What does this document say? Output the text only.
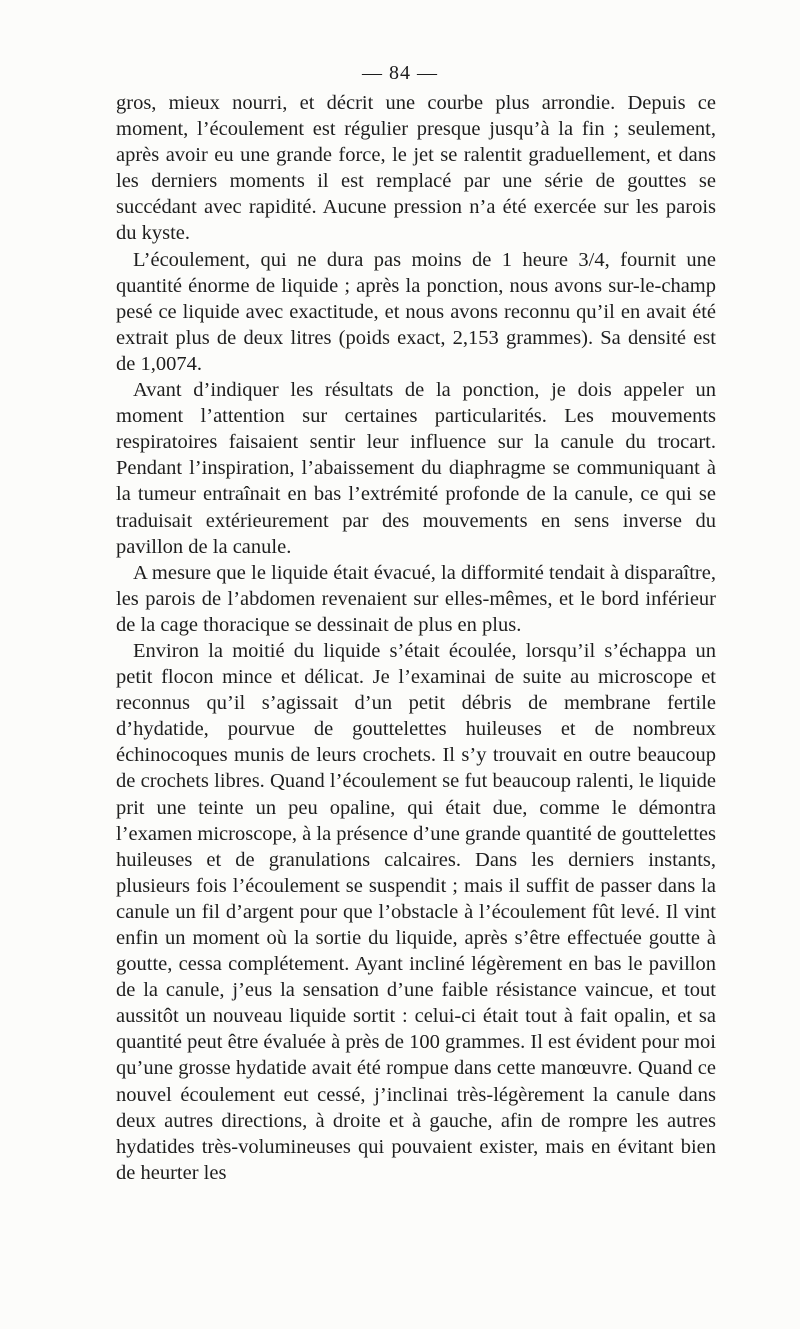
— 84 —

gros, mieux nourri, et décrit une courbe plus arrondie. Depuis ce moment, l’écoulement est régulier presque jusqu’à la fin ; seulement, après avoir eu une grande force, le jet se ralentit graduellement, et dans les derniers moments il est remplacé par une série de gouttes se succédant avec rapidité. Aucune pression n’a été exercée sur les parois du kyste.

L’écoulement, qui ne dura pas moins de 1 heure 3/4, fournit une quantité énorme de liquide ; après la ponction, nous avons sur-le-champ pesé ce liquide avec exactitude, et nous avons reconnu qu’il en avait été extrait plus de deux litres (poids exact, 2,153 grammes). Sa densité est de 1,0074.

Avant d’indiquer les résultats de la ponction, je dois appeler un moment l’attention sur certaines particularités. Les mouvements respiratoires faisaient sentir leur influence sur la canule du trocart. Pendant l’inspiration, l’abaissement du diaphragme se communiquant à la tumeur entraînait en bas l’extrémité profonde de la canule, ce qui se traduisait extérieurement par des mouvements en sens inverse du pavillon de la canule.

A mesure que le liquide était évacué, la difformité tendait à disparaître, les parois de l’abdomen revenaient sur elles-mêmes, et le bord inférieur de la cage thoracique se dessinait de plus en plus.

Environ la moitié du liquide s’était écoulée, lorsqu’il s’échappa un petit flocon mince et délicat. Je l’examinai de suite au microscope et reconnus qu’il s’agissait d’un petit débris de membrane fertile d’hydatide, pourvue de gouttelettes huileuses et de nombreux échinocoques munis de leurs crochets. Il s’y trouvait en outre beaucoup de crochets libres. Quand l’écoulement se fut beaucoup ralenti, le liquide prit une teinte un peu opaline, qui était due, comme le démontra l’examen microscope, à la présence d’une grande quantité de gouttelettes huileuses et de granulations calcaires. Dans les derniers instants, plusieurs fois l’écoulement se suspendit ; mais il suffit de passer dans la canule un fil d’argent pour que l’obstacle à l’écoulement fût levé. Il vint enfin un moment où la sortie du liquide, après s’être effectuée goutte à goutte, cessa complétement. Ayant incliné légèrement en bas le pavillon de la canule, j’eus la sensation d’une faible résistance vaincue, et tout aussitôt un nouveau liquide sortit : celui-ci était tout à fait opalin, et sa quantité peut être évaluée à près de 100 grammes. Il est évident pour moi qu’une grosse hydatide avait été rompue dans cette manœuvre. Quand ce nouvel écoulement eut cessé, j’inclinai très-légèrement la canule dans deux autres directions, à droite et à gauche, afin de rompre les autres hydatides très-volumineuses qui pouvaient exister, mais en évitant bien de heurter les
